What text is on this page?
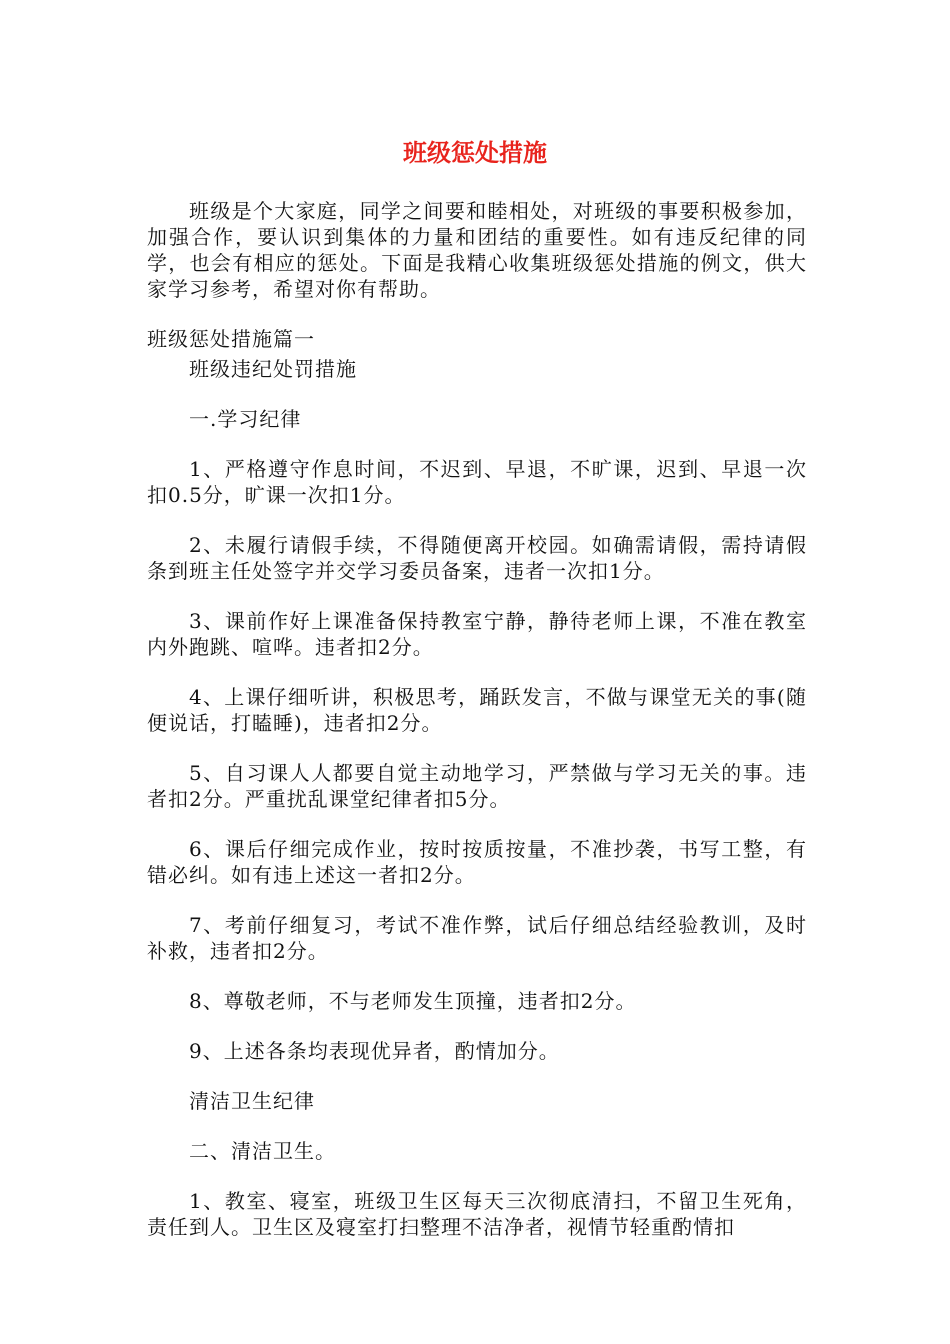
班级惩处措施

班级是个大家庭，同学之间要和睦相处，对班级的事要积极参加，加强合作，要认识到集体的力量和团结的重要性。如有违反纪律的同学，也会有相应的惩处。下面是我精心收集班级惩处措施的例文，供大家学习参考，希望对你有帮助。

班级惩处措施篇一

班级违纪处罚措施

一.学习纪律

1、严格遵守作息时间，不迟到、早退，不旷课，迟到、早退一次扣0.5分，旷课一次扣1分。

2、未履行请假手续，不得随便离开校园。如确需请假，需持请假条到班主任处签字并交学习委员备案，违者一次扣1分。

3、课前作好上课准备保持教室宁静，静待老师上课，不准在教室内外跑跳、喧哗。违者扣2分。

4、上课仔细听讲，积极思考，踊跃发言，不做与课堂无关的事(随便说话，打瞌睡)，违者扣2分。

5、自习课人人都要自觉主动地学习，严禁做与学习无关的事。违者扣2分。严重扰乱课堂纪律者扣5分。

6、课后仔细完成作业，按时按质按量，不准抄袭，书写工整，有错必纠。如有违上述这一者扣2分。

7、考前仔细复习，考试不准作弊，试后仔细总结经验教训，及时补救，违者扣2分。

8、尊敬老师，不与老师发生顶撞，违者扣2分。

9、上述各条均表现优异者，酌情加分。

清洁卫生纪律

二、清洁卫生。

1、教室、寝室，班级卫生区每天三次彻底清扫，不留卫生死角，责任到人。卫生区及寝室打扫整理不洁净者，视情节轻重酌情扣
